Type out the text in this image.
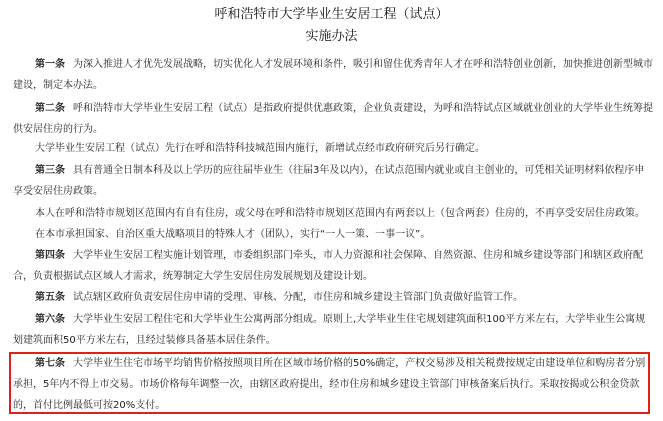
呼和浩特市大学毕业生安居工程（试点）
实施办法

第一条 为深入推进人才优先发展战略，切实优化人才发展环境和条件，吸引和留住优秀青年人才在呼和浩特创业创新，加快推进创新型城市建设，制定本办法。

第二条 呼和浩特市大学毕业生安居工程（试点）是指政府提供优惠政策，企业负责建设，为呼和浩特试点区域就业创业的大学毕业生统筹提供安居住房的行为。

大学毕业生安居工程（试点）先行在呼和浩特科技城范围内施行，新增试点经市政府研究后另行确定。

第三条 具有普通全日制本科及以上学历的应往届毕业生（往届3年及以内），在试点范围内就业或自主创业的，可凭相关证明材料依程序申享受安居住房政策。

本人在呼和浩特市规划区范围内有自有住房，或父母在呼和浩特市规划区范围内有两套以上（包含两套）住房的，不再享受安居住房政策。

在本市承担国家、自治区重大战略项目的特殊人才（团队），实行“一人一策、一事一议”。

第四条 大学毕业生安居工程实施计划管理，市委组织部门牵头，市人力资源和社会保障、自然资源、住房和城乡建设等部门和辖区政府配合，负责根据试点区域人才需求，统筹制定大学生安居住房发展规划及建设计划。

第五条 试点辖区政府负责安居住房申请的受理、审核、分配，市住房和城乡建设主管部门负责做好监管工作。

第六条 大学毕业生安居工程住宅和大学毕业生公寓两部分组成。原则上,大学毕业生住宅规划建筑面积100平方米左右，大学毕业生公寓规划建筑面积50平方米左右，且经过装修具备基本居住条件。

第七条 大学毕业生住宅市场平均销售价格按照项目所在区域市场价格的50%确定，产权交易涉及相关税费按规定由建设单位和购房者分别承担，5年内不得上市交易。市场价格每年调整一次，由辖区政府提出，经市住房和城乡建设主管部门审核备案后执行。采取按揭或公积金贷款的，首付比例最低可按20%支付。
